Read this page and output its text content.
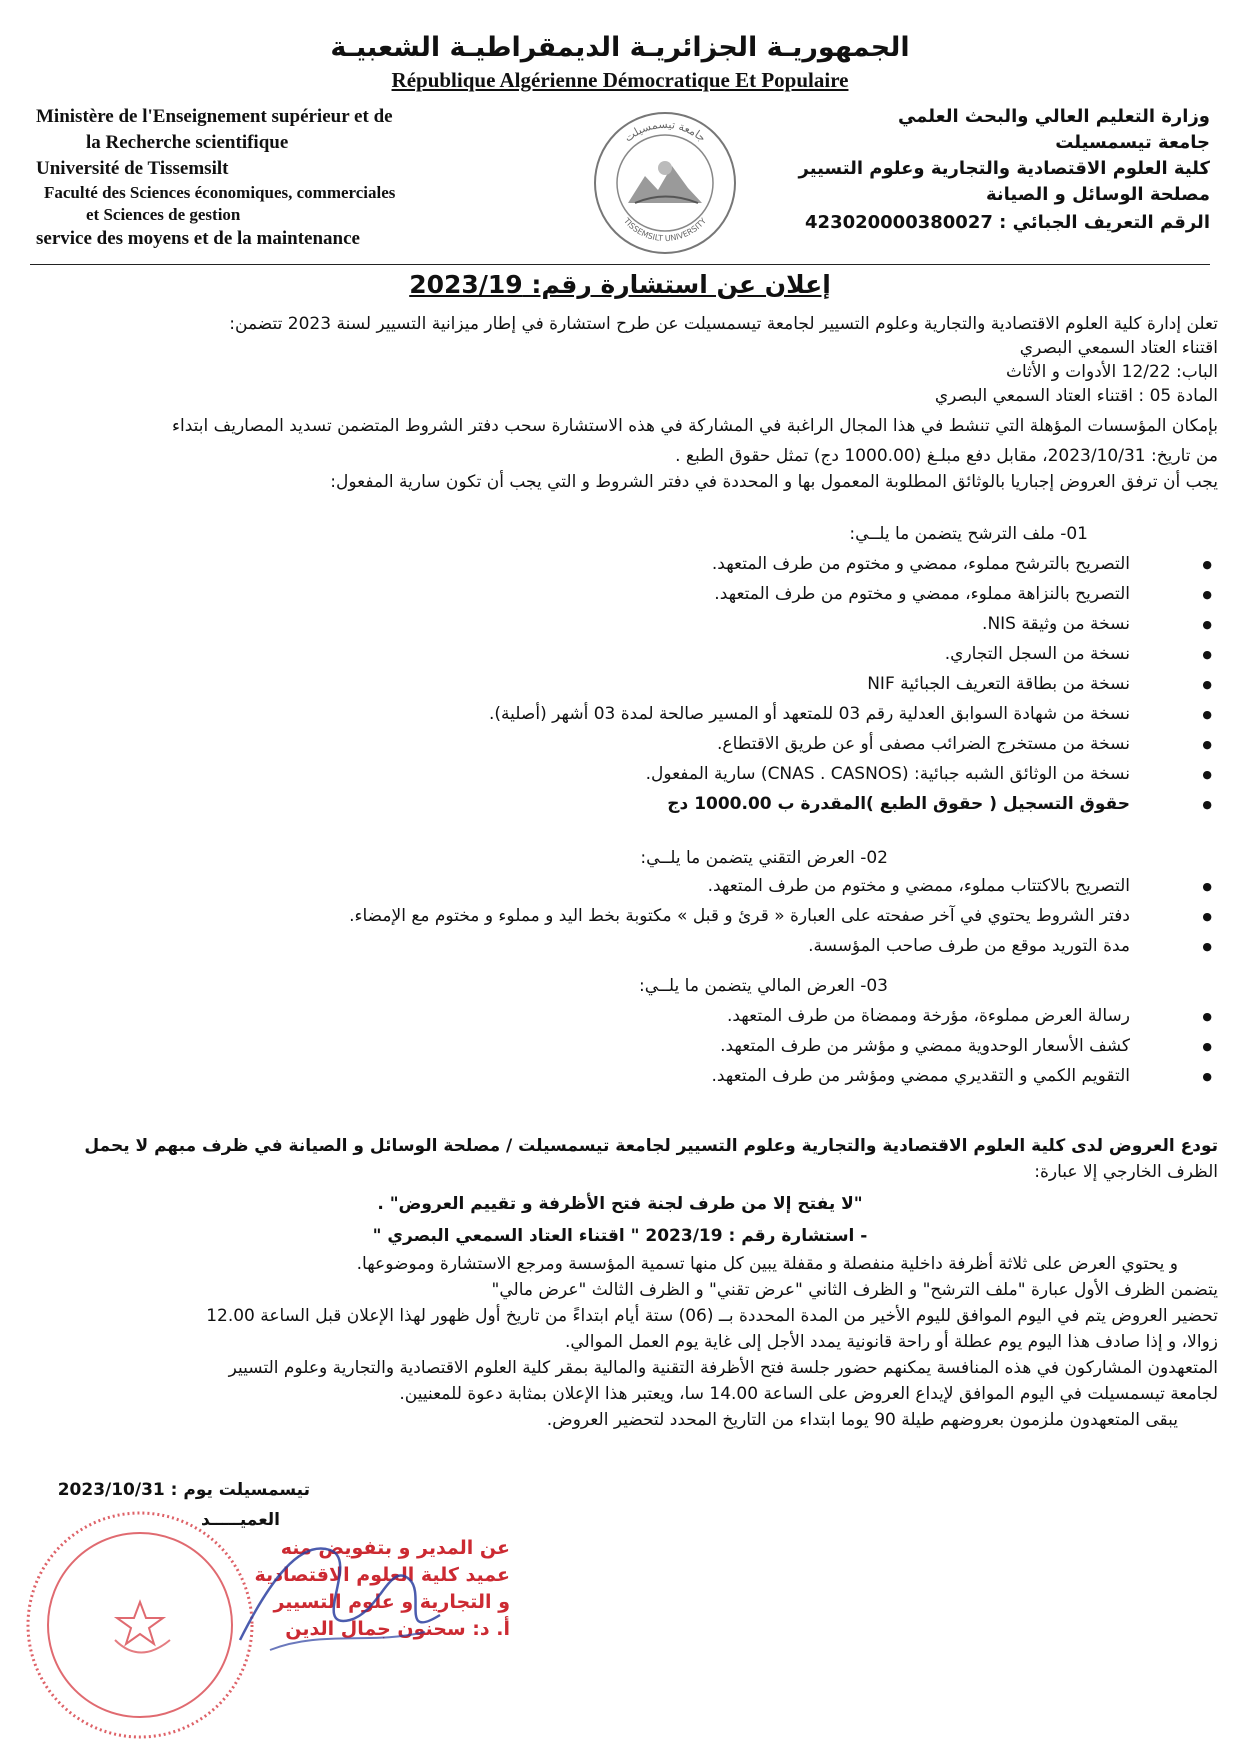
الجمهوريـة الجزائريـة الديمقراطيـة الشعبيـة
République Algérienne Démocratique Et Populaire
Ministère de l'Enseignement supérieur et de
la Recherche scientifique
Université de Tissemsilt
Faculté des Sciences économiques, commerciales
et Sciences de gestion
service des moyens et de la maintenance
جامعة تيسمسيلت
TISSEMSILT UNIVERSITY
وزارة التعليم العالي والبحث العلمي
جامعة تيسمسيلت
كلية العلوم الاقتصادية والتجارية وعلوم التسيير
مصلحة الوسائل و الصيانة
الرقم التعريف الجبائي : 423020000380027
إعلان عن استشارة رقم: 2023/19
تعلن إدارة كلية العلوم الاقتصادية والتجارية وعلوم التسيير لجامعة تيسمسيلت عن طرح استشارة في إطار ميزانية التسيير لسنة 2023 تتضمن:
اقتناء العتاد السمعي البصري
الباب: 12/22 الأدوات و الأثاث
المادة 05 : اقتناء العتاد السمعي البصري
بإمكان المؤسسات المؤهلة التي تنشط في هذا المجال الراغبة في المشاركة في هذه الاستشارة سحب دفتر الشروط المتضمن تسديد المصاريف ابتداء
من تاريخ: 2023/10/31، مقابل دفع مبلـغ (1000.00 دج) تمثل حقوق الطبع .
يجب أن ترفق العروض إجباريا بالوثائق المطلوبة المعمول بها و المحددة في دفتر الشروط و التي يجب أن تكون سارية المفعول:
01- ملف الترشح يتضمن ما يلــي:
● التصريح بالترشح مملوء، ممضي و مختوم من طرف المتعهد.
● التصريح بالنزاهة مملوء، ممضي و مختوم من طرف المتعهد.
● نسخة من وثيقة NIS.
● نسخة من السجل التجاري.
● نسخة من بطاقة التعريف الجبائية NIF
● نسخة من شهادة السوابق العدلية رقم 03 للمتعهد أو المسير صالحة لمدة 03 أشهر (أصلية).
● نسخة من مستخرج الضرائب مصفى أو عن طريق الاقتطاع.
● نسخة من الوثائق الشبه جبائية: (CNAS . CASNOS) سارية المفعول.
● حقوق التسجيل ( حقوق الطبع )المقدرة ب 1000.00 دج
02- العرض التقني يتضمن ما يلــي:
● التصريح بالاكتتاب مملوء، ممضي و مختوم من طرف المتعهد.
● دفتر الشروط يحتوي في آخر صفحته على العبارة « قرئ و قبل » مكتوبة بخط اليد و مملوء و مختوم مع الإمضاء.
● مدة التوريد موقع من طرف صاحب المؤسسة.
03- العرض المالي يتضمن ما يلــي:
● رسالة العرض مملوءة، مؤرخة وممضاة من طرف المتعهد.
● كشف الأسعار الوحدوية ممضي و مؤشر من طرف المتعهد.
● التقويم الكمي و التقديري ممضي ومؤشر من طرف المتعهد.
تودع العروض لدى كلية العلوم الاقتصادية والتجارية وعلوم التسيير لجامعة تيسمسيلت / مصلحة الوسائل و الصيانة في ظرف مبهم لا يحمل
الظرف الخارجي إلا عبارة:
"لا يفتح إلا من طرف لجنة فتح الأظرفة و تقييم العروض" .
- استشارة رقم : 2023/19 " اقتناء العتاد السمعي البصري "
و يحتوي العرض على ثلاثة أظرفة داخلية منفصلة و مقفلة يبين كل منها تسمية المؤسسة ومرجع الاستشارة وموضوعها.
يتضمن الظرف الأول عبارة "ملف الترشح" و الظرف الثاني "عرض تقني" و الظرف الثالث "عرض مالي"
تحضير العروض يتم في اليوم الموافق لليوم الأخير من المدة المحددة بــ (06) ستة أيام ابتداءً من تاريخ أول ظهور لهذا الإعلان قبل الساعة 12.00
زوالا، و إذا صادف هذا اليوم يوم عطلة أو راحة قانونية يمدد الأجل إلى غاية يوم العمل الموالي.
المتعهدون المشاركون في هذه المنافسة يمكنهم حضور جلسة فتح الأظرفة التقنية والمالية بمقر كلية العلوم الاقتصادية والتجارية وعلوم التسيير
لجامعة تيسمسيلت في اليوم الموافق لإيداع العروض على الساعة 14.00 سا، ويعتبر هذا الإعلان بمثابة دعوة للمعنيين.
يبقى المتعهدون ملزمون بعروضهم طيلة 90 يوما ابتداء من التاريخ المحدد لتحضير العروض.
تيسمسيلت يوم : 2023/10/31
العميـــــد
عن المدير و بتفويض منه
عميد كلية العلوم الاقتصادية
و التجارية و علوم التسيير
أ. د: سحنون جمال الدين
